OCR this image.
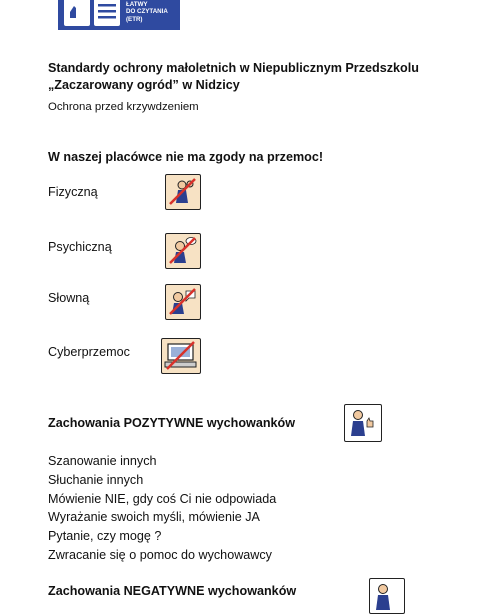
ŁATWY
DO CZYTANIA
(ETR)
Standardy ochrony małoletnich w Niepublicznym Przedszkolu „Zaczarowany ogród” w Nidzicy
Ochrona przed krzywdzeniem
W naszej placówce nie ma zgody na przemoc!
Fizyczną
Psychiczną
Słowną
Cyberprzemoc
Zachowania POZYTYWNE wychowanków
Szanowanie innych
Słuchanie innych
Mówienie NIE, gdy coś Ci nie odpowiada
Wyrażanie swoich myśli, mówienie JA
Pytanie, czy mogę ?
Zwracanie się o pomoc do wychowawcy
Zachowania NEGATYWNE wychowanków
